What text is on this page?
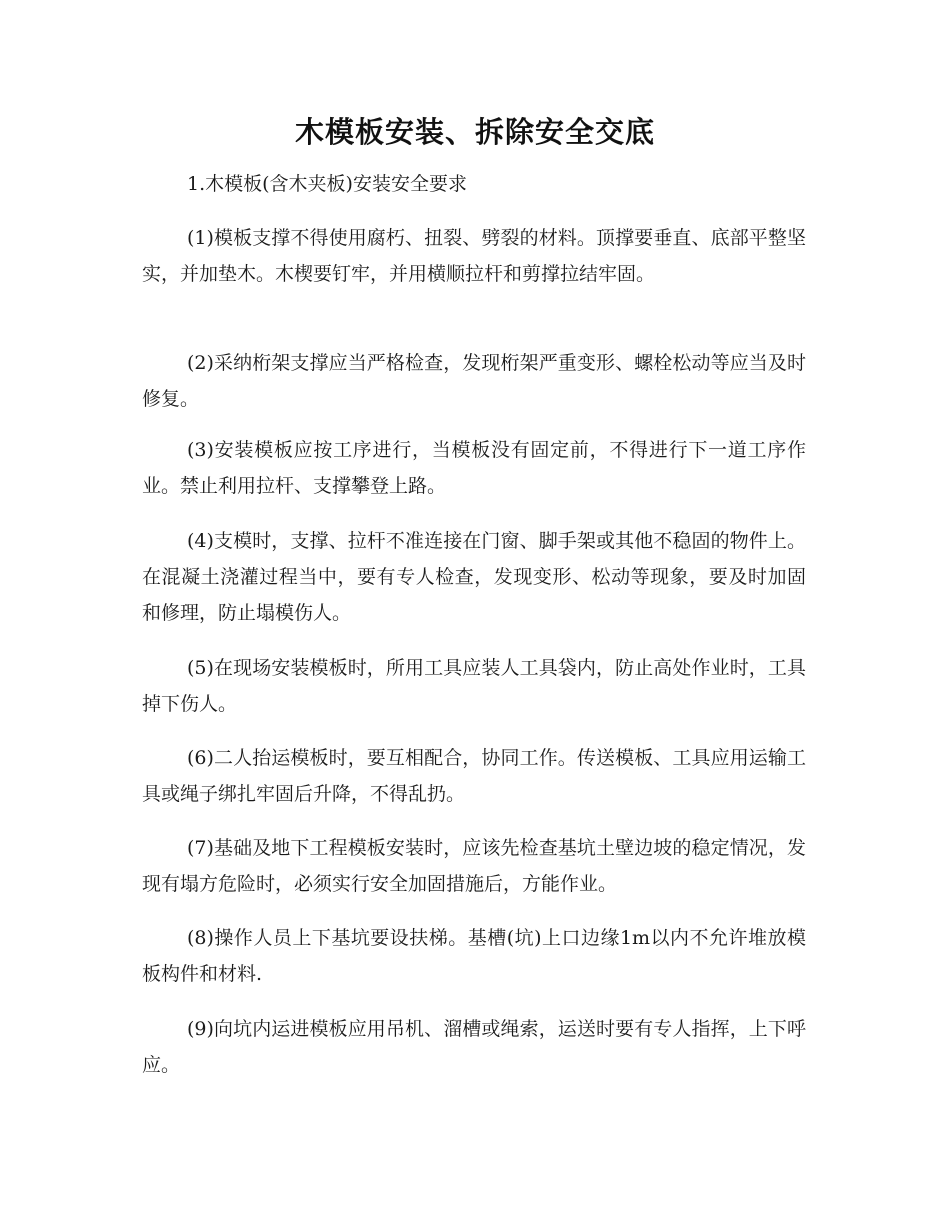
木模板安装、拆除安全交底
1.木模板(含木夹板)安装安全要求

(1)模板支撑不得使用腐朽、扭裂、劈裂的材料。顶撑要垂直、底部平整坚实，并加垫木。木楔要钉牢，并用横顺拉杆和剪撑拉结牢固。

(2)采纳桁架支撑应当严格检查，发现桁架严重变形、螺栓松动等应当及时修复。

(3)安装模板应按工序进行，当模板没有固定前，不得进行下一道工序作业。禁止利用拉杆、支撑攀登上路。

(4)支模时，支撑、拉杆不准连接在门窗、脚手架或其他不稳固的物件上。在混凝土浇灌过程当中，要有专人检查，发现变形、松动等现象，要及时加固和修理，防止塌模伤人。

(5)在现场安装模板时，所用工具应装人工具袋内，防止高处作业时，工具掉下伤人。

(6)二人抬运模板时，要互相配合，协同工作。传送模板、工具应用运输工具或绳子绑扎牢固后升降，不得乱扔。

(7)基础及地下工程模板安装时，应该先检查基坑土壁边坡的稳定情况，发现有塌方危险时，必须实行安全加固措施后，方能作业。

(8)操作人员上下基坑要设扶梯。基槽(坑)上口边缘1m以内不允许堆放模板构件和材料.

(9)向坑内运进模板应用吊机、溜槽或绳索，运送时要有专人指挥，上下呼应。
